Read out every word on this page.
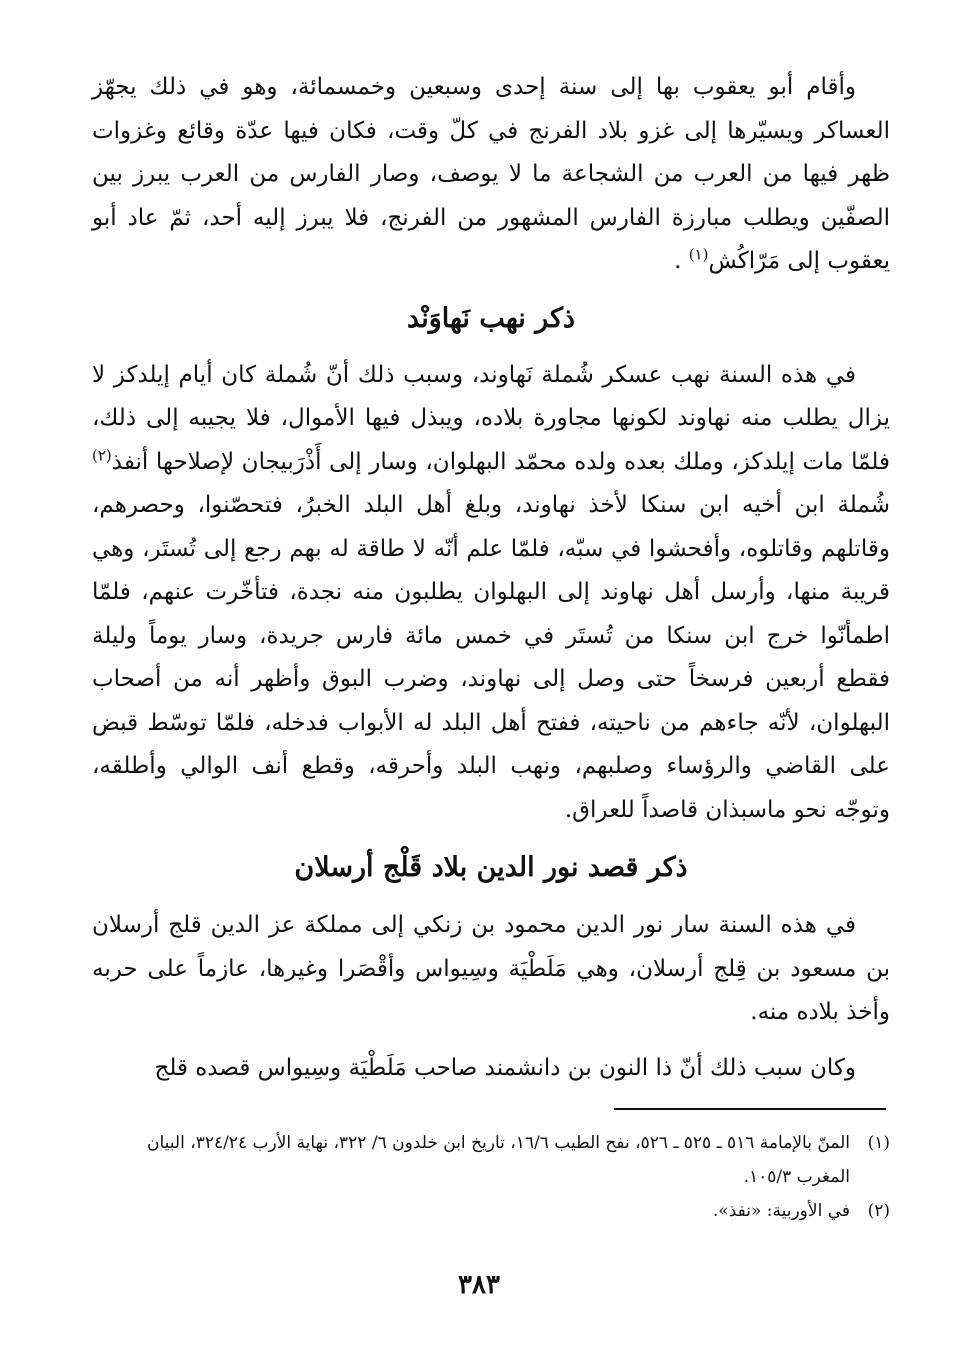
وأقام أبو يعقوب بها إلى سنة إحدى وسبعين وخمسمائة، وهو في ذلك يجهّز العساكر ويسيّرها إلى غزو بلاد الفرنج في كلّ وقت، فكان فيها عدّة وقائع وغزوات ظهر فيها من العرب من الشجاعة ما لا يوصف، وصار الفارس من العرب يبرز بين الصفّين ويطلب مبارزة الفارس المشهور من الفرنج، فلا يبرز إليه أحد، ثمّ عاد أبو يعقوب إلى مَرّاكُش$^{(١)}$ .

ذكر نهب نَهاوَنْد

في هذه السنة نهب عسكر شُملة نَهاوند، وسبب ذلك أنّ شُملة كان أيام إيلدكز لا يزال يطلب منه نهاوند لكونها مجاورة بلاده، ويبذل فيها الأموال، فلا يجيبه إلى ذلك، فلمّا مات إيلدكز، وملك بعده ولده محمّد البهلوان، وسار إلى أَذْرَبيجان لإصلاحها أنفذ$^{(٢)}$ شُملة ابن أخيه ابن سنكا لأخذ نهاوند، وبلغ أهل البلد الخبرُ، فتحصّنوا، وحصرهم، وقاتلهم وقاتلوه، وأفحشوا في سبّه، فلمّا علم أنّه لا طاقة له بهم رجع إلى تُستَر، وهي قريبة منها، وأرسل أهل نهاوند إلى البهلوان يطلبون منه نجدة، فتأخّرت عنهم، فلمّا اطمأنّوا خرج ابن سنكا من تُستَر في خمس مائة فارس جريدة، وسار يوماً وليلة فقطع أربعين فرسخاً حتى وصل إلى نهاوند، وضرب البوق وأظهر أنه من أصحاب البهلوان، لأنّه جاءهم من ناحيته، ففتح أهل البلد له الأبواب فدخله، فلمّا توسّط قبض على القاضي والرؤساء وصلبهم، ونهب البلد وأحرقه، وقطع أنف الوالي وأطلقه، وتوجّه نحو ماسبذان قاصداً للعراق.

ذكر قصد نور الدين بلاد قَلْج أرسلان

في هذه السنة سار نور الدين محمود بن زنكي إلى مملكة عز الدين قلج أرسلان بن مسعود بن قِلج أرسلان، وهي مَلَطْيَة وسِيواس وأقْصَرا وغيرها، عازماً على حربه وأخذ بلاده منه.

وكان سبب ذلك أنّ ذا النون بن دانشمند صاحب مَلَطْيَة وسِيواس قصده قلج

(١)
المنّ بالإمامة ٥١٦ ـ ٥٢٥ ـ ٥٢٦، نفح الطيب ١٦/٦، تاريخ ابن خلدون ٦/ ٣٢٢، نهاية الأرب ٣٢٤/٢٤، البيان المغرب ١٠٥/٣.
(٢)
في الأوربية: «نفذ».
٣٨٣
